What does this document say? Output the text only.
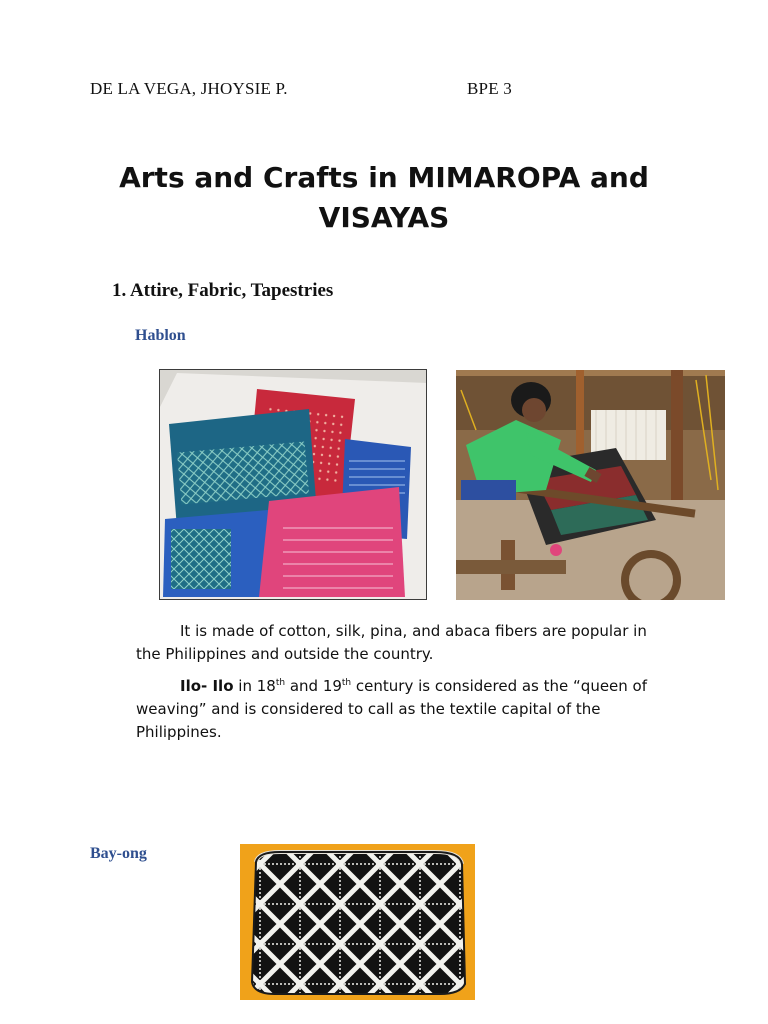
DE LA VEGA, JHOYSIE P.	BPE 3
Arts and Crafts in MIMAROPA and VISAYAS
1. Attire, Fabric, Tapestries
Hablon
It is made of cotton, silk, pina, and abaca fibers are popular in the Philippines and outside the country.
Ilo- Ilo in 18th and 19th century is considered as the “queen of weaving” and is considered to call as the textile capital of the Philippines.
Bay-ong
